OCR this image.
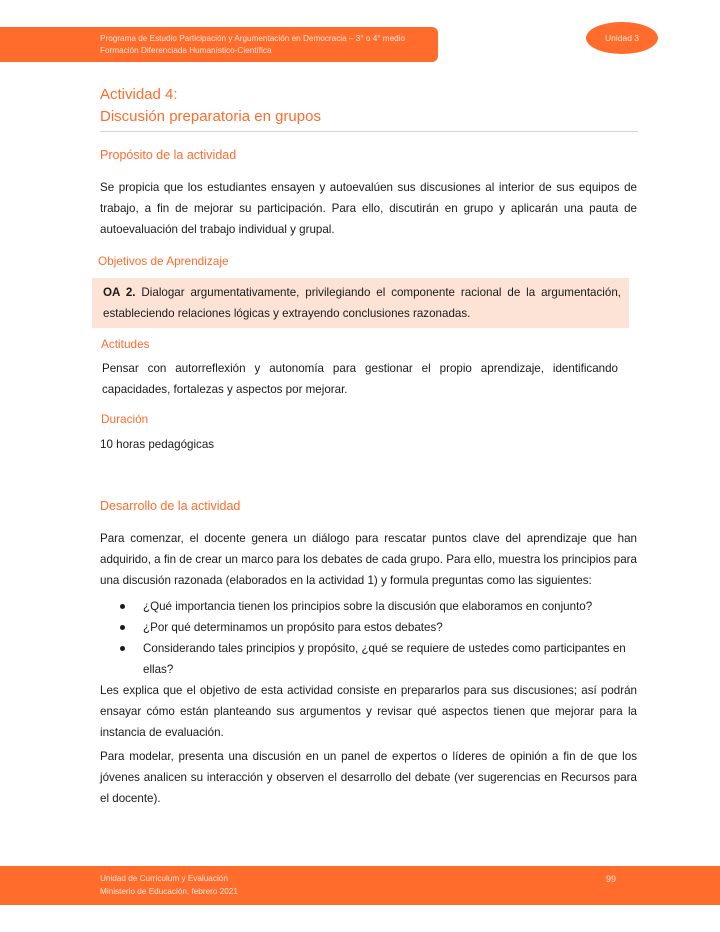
Programa de Estudio Participación y Argumentación en Democracia – 3° o 4° medio
Formación Diferenciada Humanístico-Científica
Unidad 3
Actividad 4:
Discusión preparatoria en grupos
Propósito de la actividad
Se propicia que los estudiantes ensayen y autoevalúen sus discusiones al interior de sus equipos de trabajo, a fin de mejorar su participación. Para ello, discutirán en grupo y aplicarán una pauta de autoevaluación del trabajo individual y grupal.
Objetivos de Aprendizaje
OA 2. Dialogar argumentativamente, privilegiando el componente racional de la argumentación, estableciendo relaciones lógicas y extrayendo conclusiones razonadas.
Actitudes
Pensar con autorreflexión y autonomía para gestionar el propio aprendizaje, identificando capacidades, fortalezas y aspectos por mejorar.
Duración
10 horas pedagógicas
Desarrollo de la actividad
Para comenzar, el docente genera un diálogo para rescatar puntos clave del aprendizaje que han adquirido, a fin de crear un marco para los debates de cada grupo. Para ello, muestra los principios para una discusión razonada (elaborados en la actividad 1) y formula preguntas como las siguientes:
¿Qué importancia tienen los principios sobre la discusión que elaboramos en conjunto?
¿Por qué determinamos un propósito para estos debates?
Considerando tales principios y propósito, ¿qué se requiere de ustedes como participantes en ellas?
Les explica que el objetivo de esta actividad consiste en prepararlos para sus discusiones; así podrán ensayar cómo están planteando sus argumentos y revisar qué aspectos tienen que mejorar para la instancia de evaluación.
Para modelar, presenta una discusión en un panel de expertos o líderes de opinión a fin de que los jóvenes analicen su interacción y observen el desarrollo del debate (ver sugerencias en Recursos para el docente).
Unidad de Curriculum y Evaluación
Ministerio de Educación, febrero 2021
99
